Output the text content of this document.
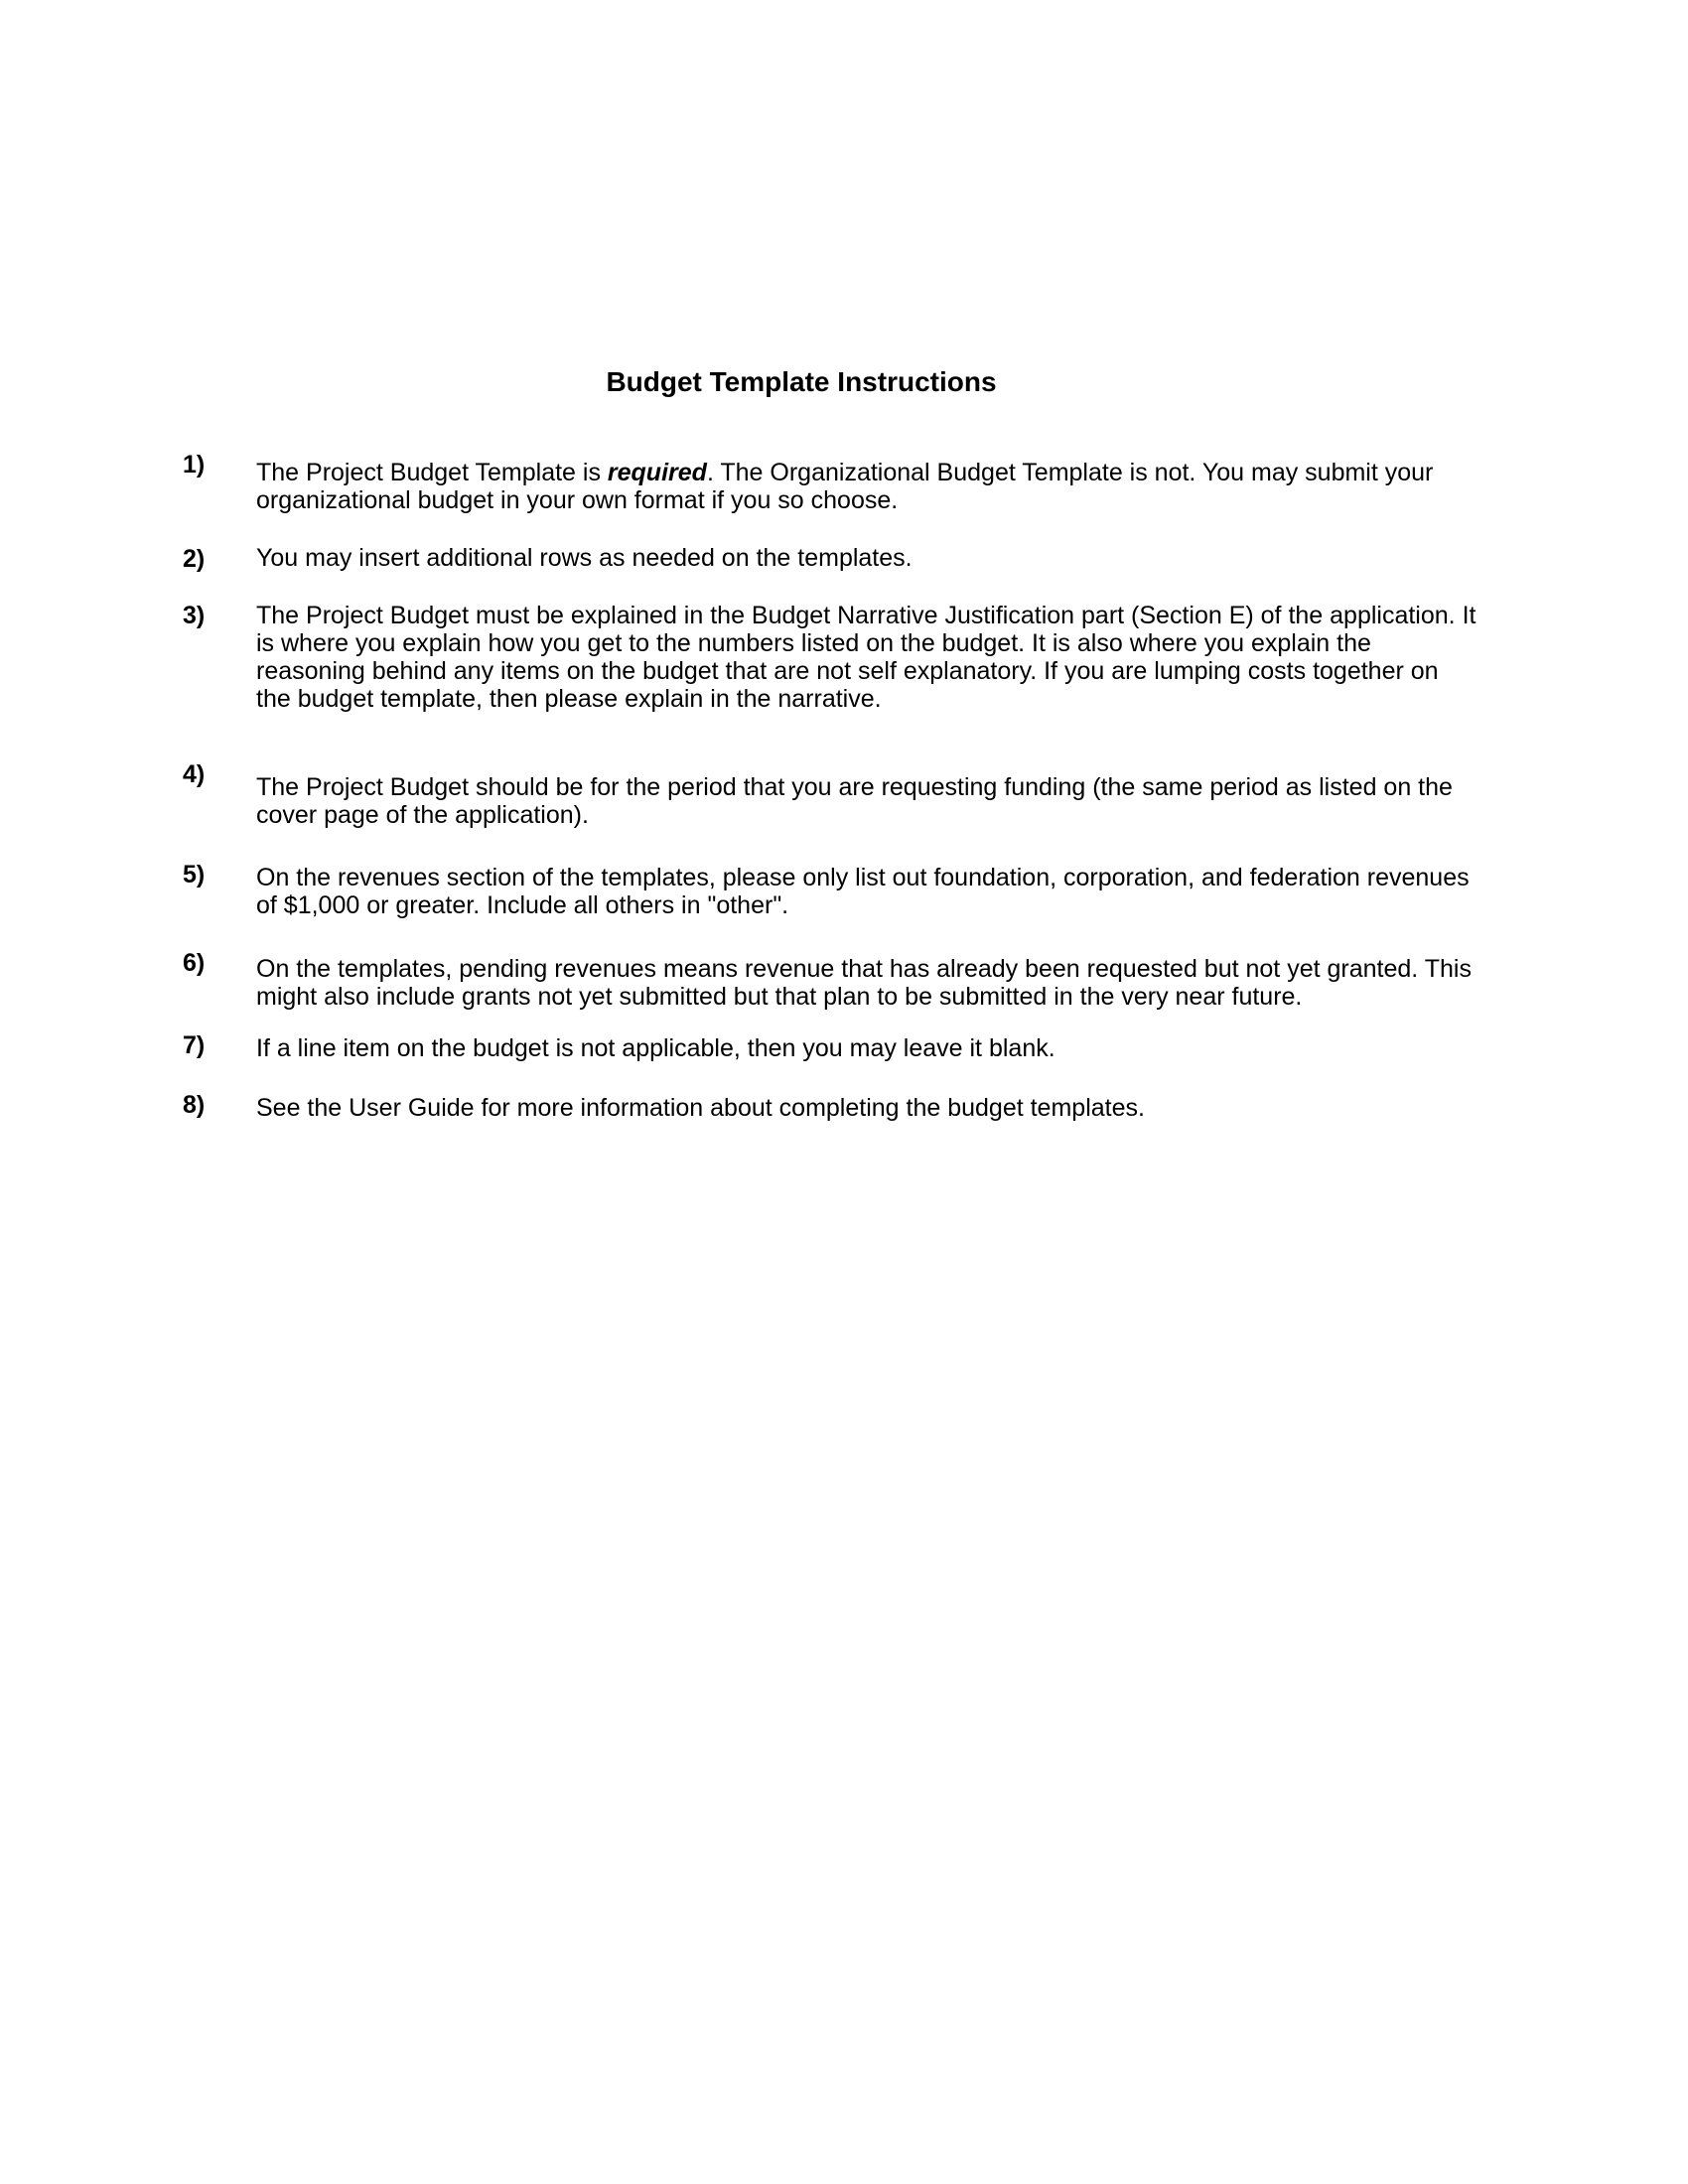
Budget Template Instructions
1) The Project Budget Template is required. The Organizational Budget Template is not. You may submit your organizational budget in your own format if you so choose.
2) You may insert additional rows as needed on the templates.
3) The Project Budget must be explained in the Budget Narrative Justification part (Section E) of the application. It is where you explain how you get to the numbers listed on the budget. It is also where you explain the reasoning behind any items on the budget that are not self explanatory. If you are lumping costs together on the budget template, then please explain in the narrative.
4) The Project Budget should be for the period that you are requesting funding (the same period as listed on the cover page of the application).
5) On the revenues section of the templates, please only list out foundation, corporation, and federation revenues of $1,000 or greater. Include all others in "other".
6) On the templates, pending revenues means revenue that has already been requested but not yet granted. This might also include grants not yet submitted but that plan to be submitted in the very near future.
7) If a line item on the budget is not applicable, then you may leave it blank.
8) See the User Guide for more information about completing the budget templates.
